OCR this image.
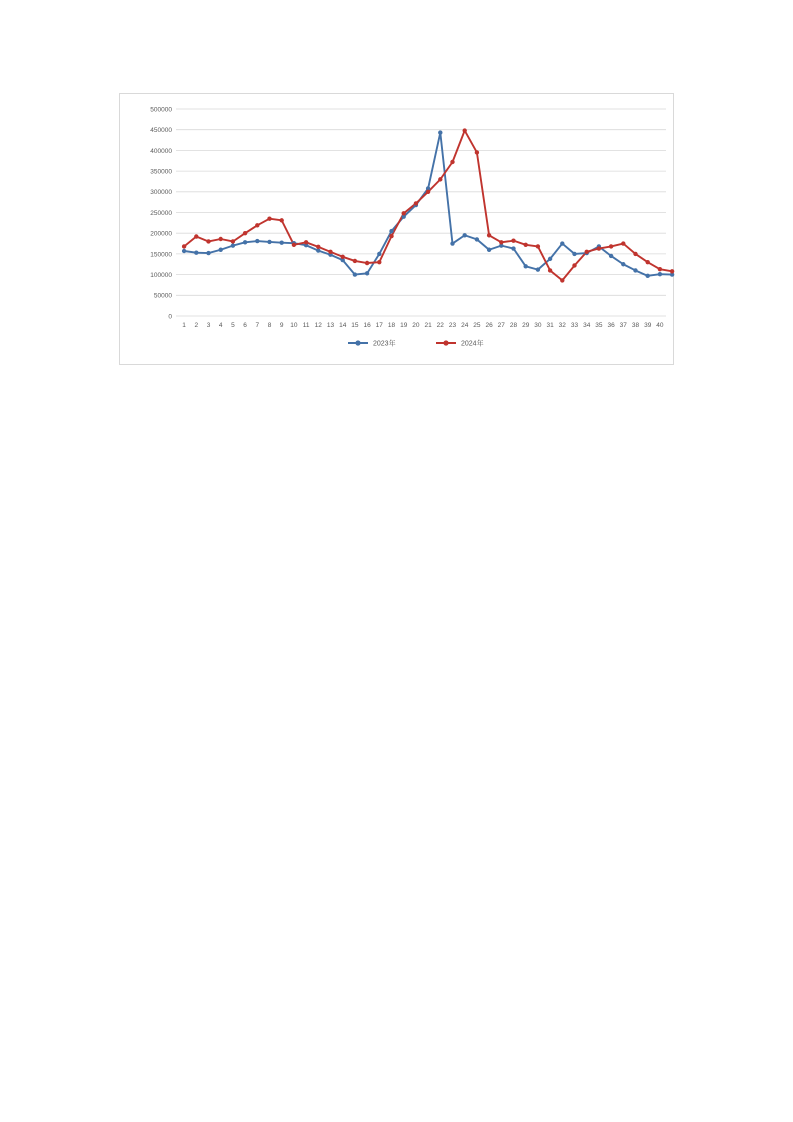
0
50000
100000
150000
200000
250000
300000
350000
400000
450000
500000
1 2 3 4 5 6 7 8 9 10 11 12 13 14 15 16 17 18 19 20 21 22 23 24 25 26 27 28 29 30 31 32 33 34 35 36 37 38 39 40
2023年	2024年
